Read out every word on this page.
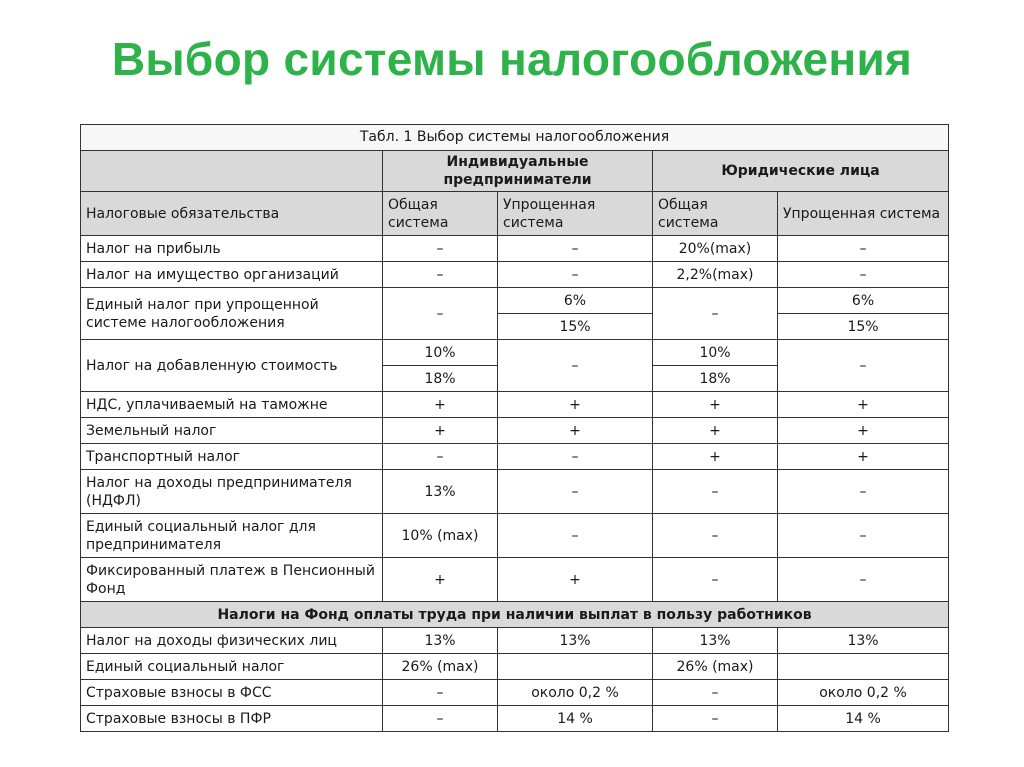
Выбор системы налогообложения
Табл. 1 Выбор системы налогообложения				
	Индивидуальные предприниматели		Юридические лица	
Налоговые обязательства	Общая система	Упрощенная система	Общая система	Упрощенная система
Налог на прибыль	–	–	20%(max)	–
Налог на имущество организаций	–	–	2,2%(max)	–
Единый налог при упрощенной системе налогообложения	–	6%	–	6%
		15%		15%
Налог на добавленную стоимость	10%	–	10%	–
	18%		18%	
НДС, уплачиваемый на таможне	+	+	+	+
Земельный налог	+	+	+	+
Транспортный налог	–	–	+	+
Налог на доходы предпринимателя (НДФЛ)	13%	–	–	–
Единый социальный налог для предпринимателя	10% (max)	–	–	–
Фиксированный платеж в Пенсионный Фонд	+	+	–	–
Налоги на Фонд оплаты труда при наличии выплат в пользу работников				
Налог на доходы физических лиц	13%	13%	13%	13%
Единый социальный налог	26% (max)		26% (max)	
Страховые взносы в ФСС	–	около 0,2 %	–	около 0,2 %
Страховые взносы в ПФР	–	14 %	–	14 %
